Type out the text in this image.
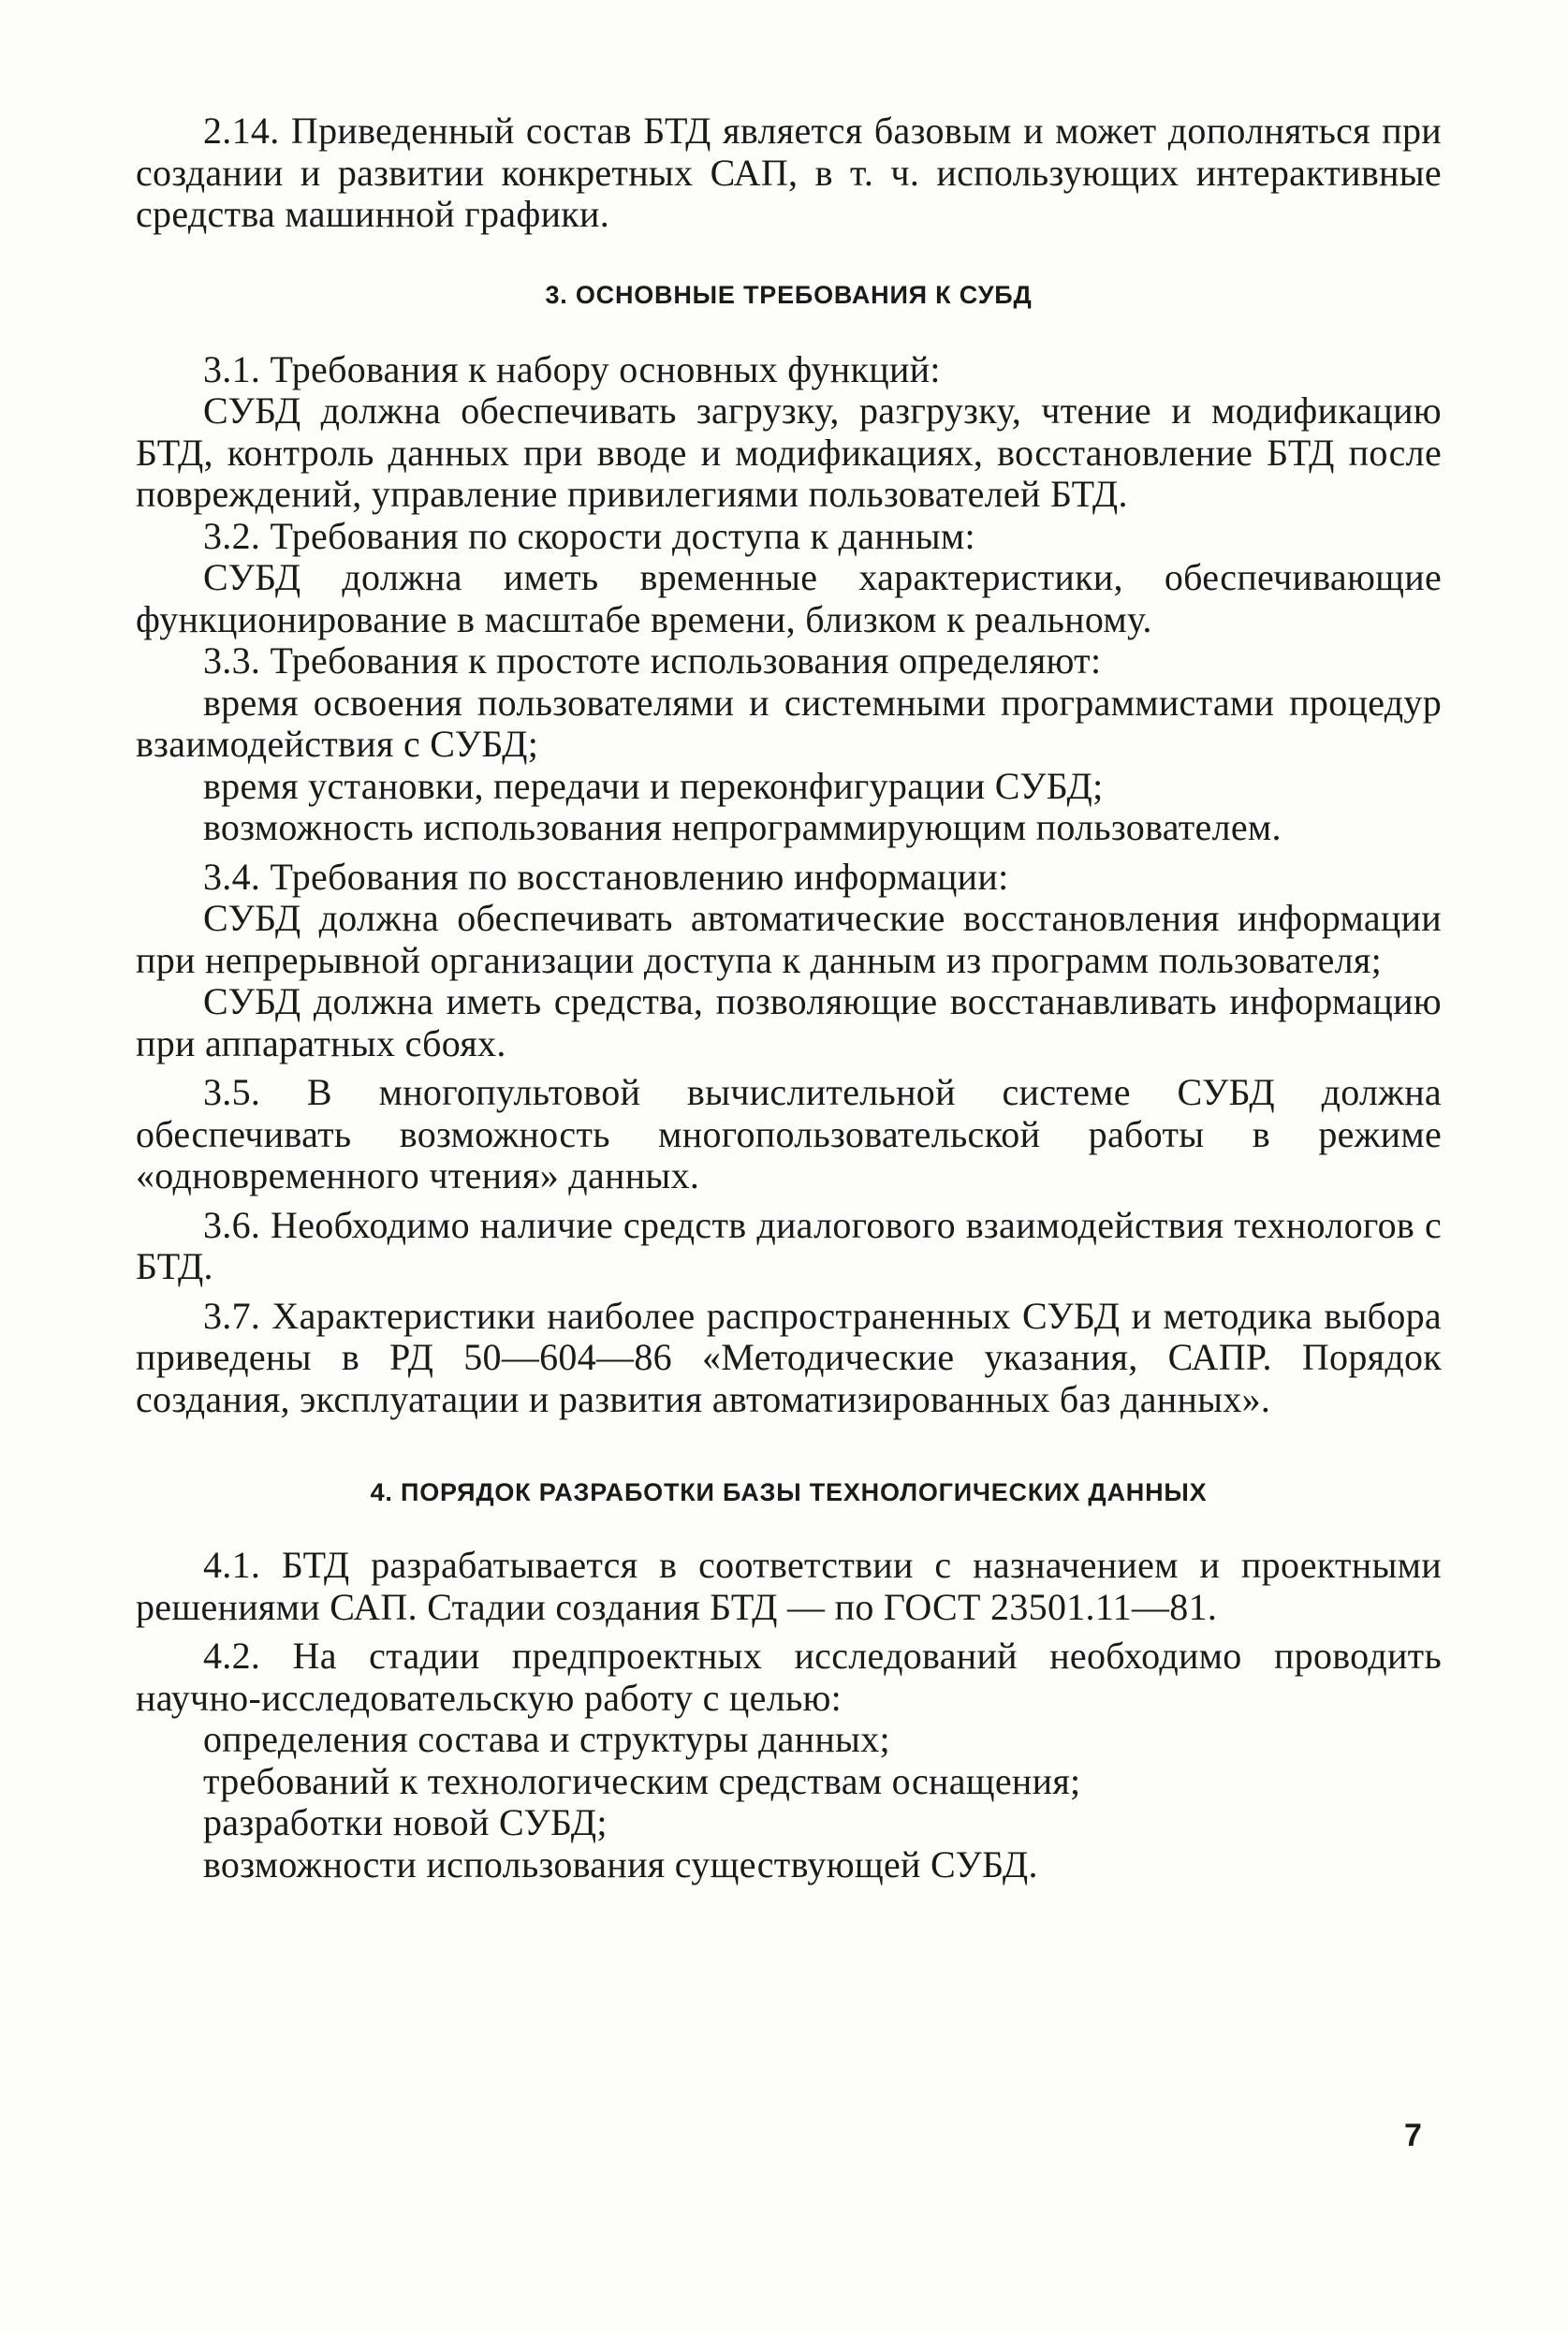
2.14. Приведенный состав БТД является базовым и может дополняться при создании и развитии конкретных САП, в т. ч. использующих интерактивные средства машинной графики.

3. ОСНОВНЫЕ ТРЕБОВАНИЯ К СУБД

3.1. Требования к набору основных функций:

СУБД должна обеспечивать загрузку, разгрузку, чтение и модификацию БТД, контроль данных при вводе и модификациях, восстановление БТД после повреждений, управление привилегиями пользователей БТД.

3.2. Требования по скорости доступа к данным:

СУБД должна иметь временные характеристики, обеспечивающие функционирование в масштабе времени, близком к реальному.

3.3. Требования к простоте использования определяют:

время освоения пользователями и системными программистами процедур взаимодействия с СУБД;

время установки, передачи и переконфигурации СУБД;

возможность использования непрограммирующим пользователем.

3.4. Требования по восстановлению информации:

СУБД должна обеспечивать автоматические восстановления информации при непрерывной организации доступа к данным из программ пользователя;

СУБД должна иметь средства, позволяющие восстанавливать информацию при аппаратных сбоях.

3.5. В многопультовой вычислительной системе СУБД должна обеспечивать возможность многопользовательской работы в режиме «одновременного чтения» данных.

3.6. Необходимо наличие средств диалогового взаимодействия технологов с БТД.

3.7. Характеристики наиболее распространенных СУБД и методика выбора приведены в РД 50—604—86 «Методические указания, САПР. Порядок создания, эксплуатации и развития автоматизированных баз данных».

4. ПОРЯДОК РАЗРАБОТКИ БАЗЫ ТЕХНОЛОГИЧЕСКИХ ДАННЫХ

4.1. БТД разрабатывается в соответствии с назначением и проектными решениями САП. Стадии создания БТД — по ГОСТ 23501.11—81.

4.2. На стадии предпроектных исследований необходимо проводить научно-исследовательскую работу с целью:

определения состава и структуры данных;

требований к технологическим средствам оснащения;

разработки новой СУБД;

возможности использования существующей СУБД.

7
